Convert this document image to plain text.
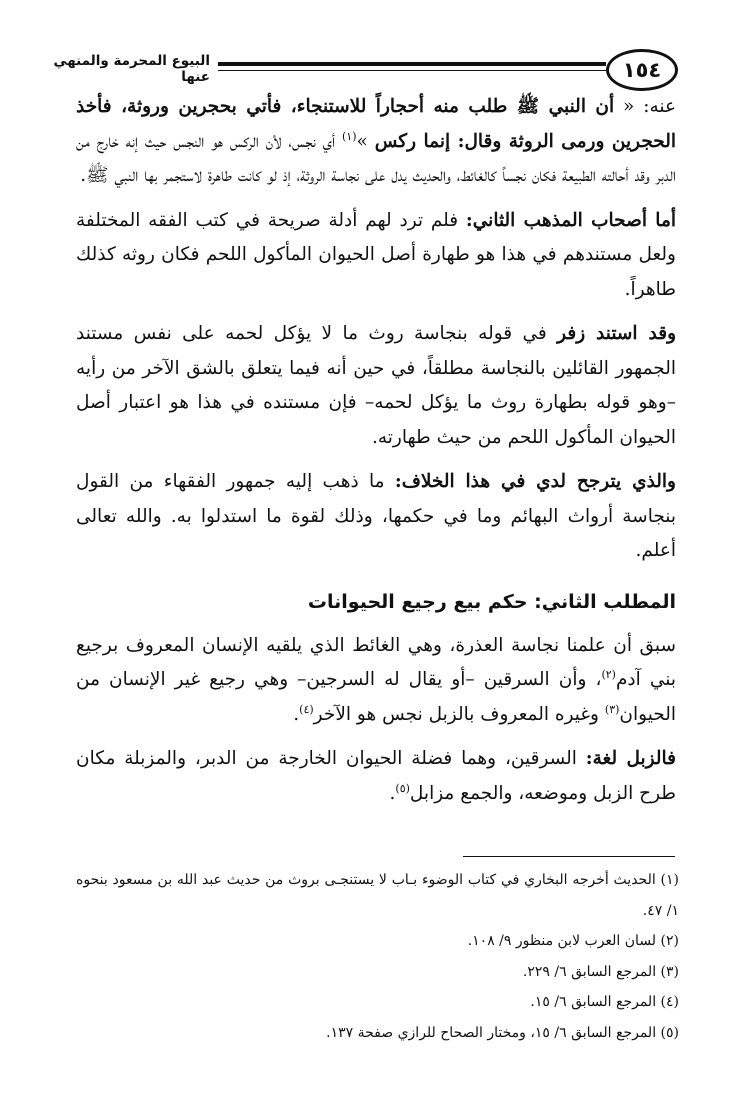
البيوع المحرمة والمنهي عنها	١٥٤

عنه: « أن النبي ﷺ طلب منه أحجاراً للاستنجاء، فأتي بحجرين وروثة، فأخذ الحجرين ورمى الروثة وقال: إنما ركس »$^{(١)}$ أي نجس، لأن الركس هو النجس حيث إنه خارج من الدبر وقد أحالته الطبيعة فكان نجساً كالغائط، والحديث يدل على نجاسة الروثة، إذ لو كانت طاهرة لاستجمر بها النبي ﷺ.

أما أصحاب المذهب الثاني: فلم ترد لهم أدلة صريحة في كتب الفقه المختلفة ولعل مستندهم في هذا هو طهارة أصل الحيوان المأكول اللحم فكان روثه كذلك طاهراً.

وقد استند زفر في قوله بنجاسة روث ما لا يؤكل لحمه على نفس مستند الجمهور القائلين بالنجاسة مطلقاً، في حين أنه فيما يتعلق بالشق الآخر من رأيه –وهو قوله بطهارة روث ما يؤكل لحمه– فإن مستنده في هذا هو اعتبار أصل الحيوان المأكول اللحم من حيث طهارته.

والذي يترجح لدي في هذا الخلاف: ما ذهب إليه جمهور الفقهاء من القول بنجاسة أرواث البهائم وما في حكمها، وذلك لقوة ما استدلوا به. والله تعالى أعلم.

المطلب الثاني: حكم بيع رجيع الحيوانات

سبق أن علمنا نجاسة العذرة، وهي الغائط الذي يلقيه الإنسان المعروف برجيع بني آدم$^{(٢)}$، وأن السرقين –أو يقال له السرجين– وهي رجيع غير الإنسان من الحيوان$^{(٣)}$ وغيره المعروف بالزبل نجس هو الآخر$^{(٤)}$.

فالزبل لغة: السرقين، وهما فضلة الحيوان الخارجة من الدبر، والمزبلة مكان طرح الزبل وموضعه، والجمع مزابل$^{(٥)}$.

(١) الحديث أخرجه البخاري في كتاب الوضوء بـاب لا يستنجـى بروث من حديث عبد الله بن مسعود بنحوه ١/ ٤٧.
(٢) لسان العرب لابن منظور ٩/ ١٠٨.
(٣) المرجع السابق ٦/ ٢٢٩.
(٤) المرجع السابق ٦/ ١٥.
(٥) المرجع السابق ٦/ ١٥، ومختار الصحاح للرازي صفحة ١٣٧.
